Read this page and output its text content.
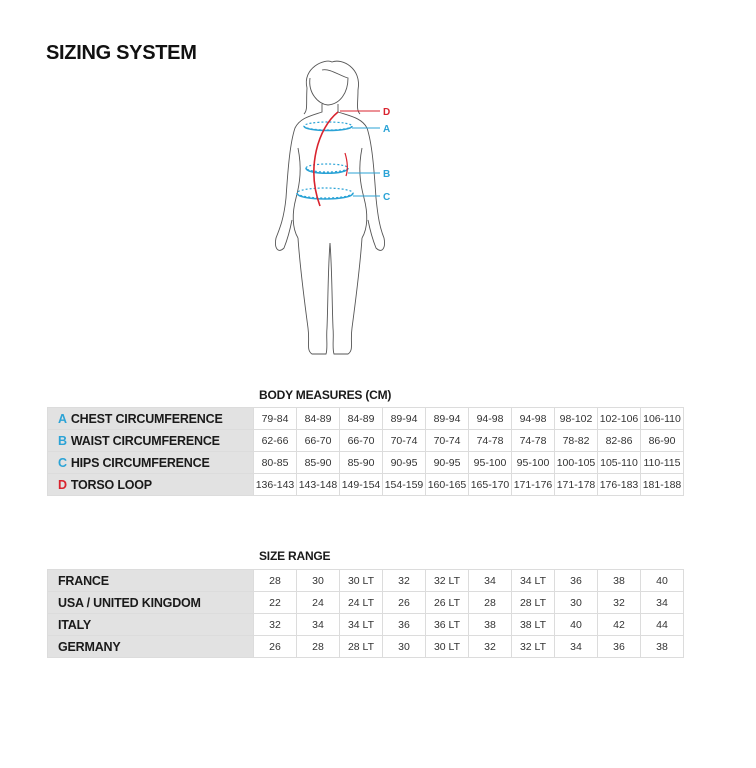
SIZING SYSTEM
D
A
B
C
BODY MEASURES (CM)
A CHEST CIRCUMFERENCE	79-84	84-89	84-89	89-94	89-94	94-98	94-98	98-102	102-106	106-110
B WAIST CIRCUMFERENCE	62-66	66-70	66-70	70-74	70-74	74-78	74-78	78-82	82-86	86-90
C HIPS CIRCUMFERENCE	80-85	85-90	85-90	90-95	90-95	95-100	95-100	100-105	105-110	110-115
D TORSO LOOP	136-143	143-148	149-154	154-159	160-165	165-170	171-176	171-178	176-183	181-188
SIZE RANGE
FRANCE	28	30	30 LT	32	32 LT	34	34 LT	36	38	40
USA / UNITED KINGDOM	22	24	24 LT	26	26 LT	28	28 LT	30	32	34
ITALY	32	34	34 LT	36	36 LT	38	38 LT	40	42	44
GERMANY	26	28	28 LT	30	30 LT	32	32 LT	34	36	38
